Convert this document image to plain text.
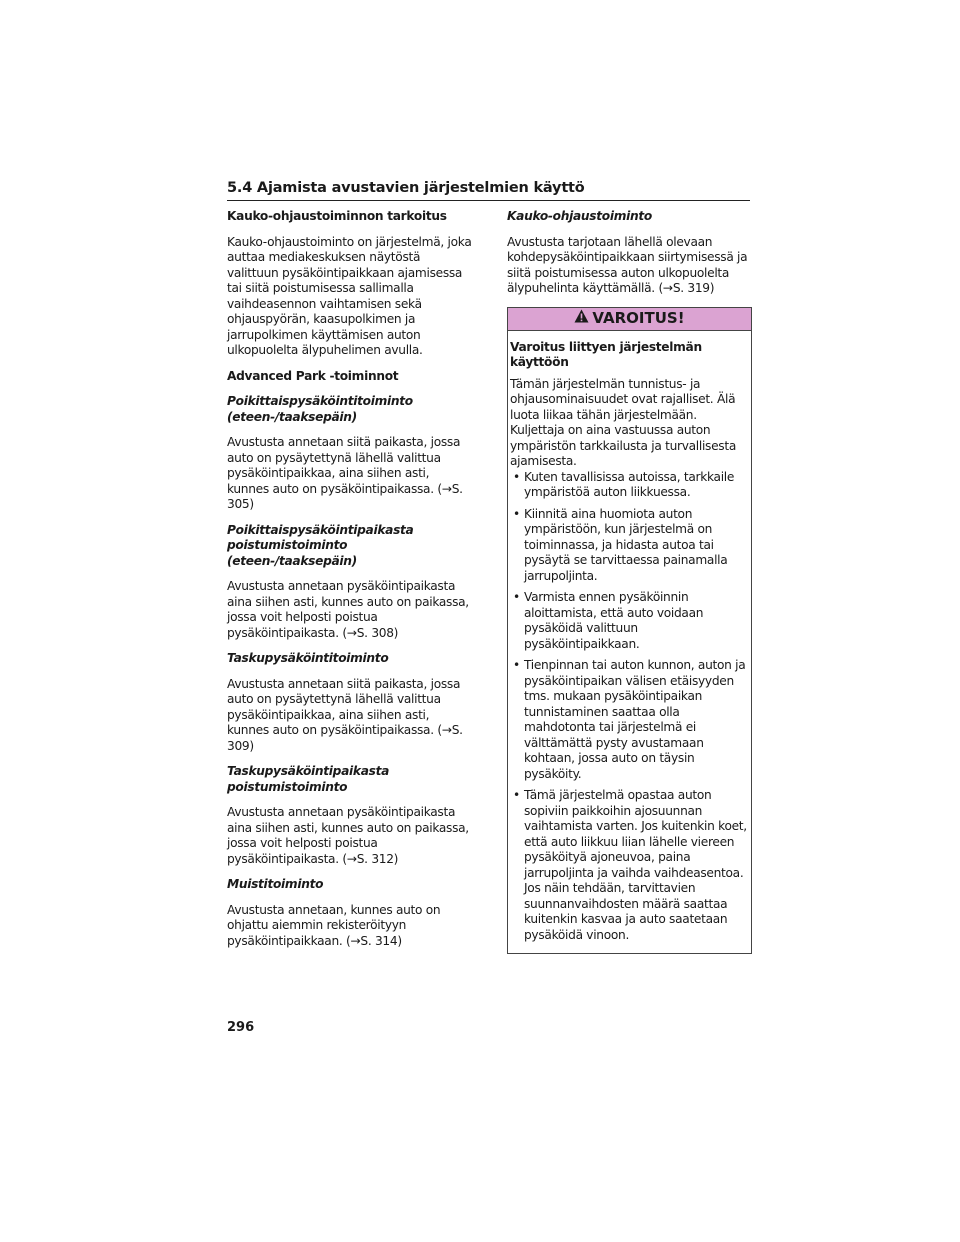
5.4 Ajamista avustavien järjestelmien käyttö
Kauko-ohjaustoiminnon tarkoitus

Kauko-ohjaustoiminto on järjestelmä, joka auttaa mediakeskuksen näytöstä valittuun pysäköintipaikkaan ajamisessa tai siitä poistumisessa sallimalla vaihdeasennon vaihtamisen sekä ohjauspyörän, kaasupolkimen ja jarrupolkimen käyttämisen auton ulkopuolelta älypuhelimen avulla.

Advanced Park -toiminnot
Poikittaispysäköintitoiminto (eteen-/taaksepäin)

Avustusta annetaan siitä paikasta, jossa auto on pysäytettynä lähellä valittua pysäköintipaikkaa, aina siihen asti, kunnes auto on pysäköintipaikassa. (→S. 305)

Poikittaispysäköintipaikasta poistumistoiminto (eteen-/taaksepäin)

Avustusta annetaan pysäköintipaikasta aina siihen asti, kunnes auto on paikassa, jossa voit helposti poistua pysäköintipaikasta. (→S. 308)

Taskupysäköintitoiminto

Avustusta annetaan siitä paikasta, jossa auto on pysäytettynä lähellä valittua pysäköintipaikkaa, aina siihen asti, kunnes auto on pysäköintipaikassa. (→S. 309)

Taskupysäköintipaikasta poistumistoiminto

Avustusta annetaan pysäköintipaikasta aina siihen asti, kunnes auto on paikassa, jossa voit helposti poistua pysäköintipaikasta. (→S. 312)

Muistitoiminto

Avustusta annetaan, kunnes auto on ohjattu aiemmin rekisteröityyn pysäköintipaikkaan. (→S. 314)

Kauko-ohjaustoiminto

Avustusta tarjotaan lähellä olevaan kohdepysäköintipaikkaan siirtymisessä ja siitä poistumisessa auton ulkopuolelta älypuhelinta käyttämällä. (→S. 319)

VAROITUS!
Varoitus liittyen järjestelmän käyttöön
Tämän järjestelmän tunnistus- ja ohjausominaisuudet ovat rajalliset. Älä luota liikaa tähän järjestelmään. Kuljettaja on aina vastuussa auton ympäristön tarkkailusta ja turvallisesta ajamisesta.
• Kuten tavallisissa autoissa, tarkkaile ympäristöä auton liikkuessa.
• Kiinnitä aina huomiota auton ympäristöön, kun järjestelmä on toiminnassa, ja hidasta autoa tai pysäytä se tarvittaessa painamalla jarrupoljinta.
• Varmista ennen pysäköinnin aloittamista, että auto voidaan pysäköidä valittuun pysäköintipaikkaan.
• Tienpinnan tai auton kunnon, auton ja pysäköintipaikan välisen etäisyyden tms. mukaan pysäköintipaikan tunnistaminen saattaa olla mahdotonta tai järjestelmä ei välttämättä pysty avustamaan kohtaan, jossa auto on täysin pysäköity.
• Tämä järjestelmä opastaa auton sopiviin paikkoihin ajosuunnan vaihtamista varten. Jos kuitenkin koet, että auto liikkuu liian lähelle viereen pysäköityä ajoneuvoa, paina jarrupoljinta ja vaihda vaihdeasentoa. Jos näin tehdään, tarvittavien suunnanvaihdosten määrä saattaa kuitenkin kasvaa ja auto saatetaan pysäköidä vinoon.
296
